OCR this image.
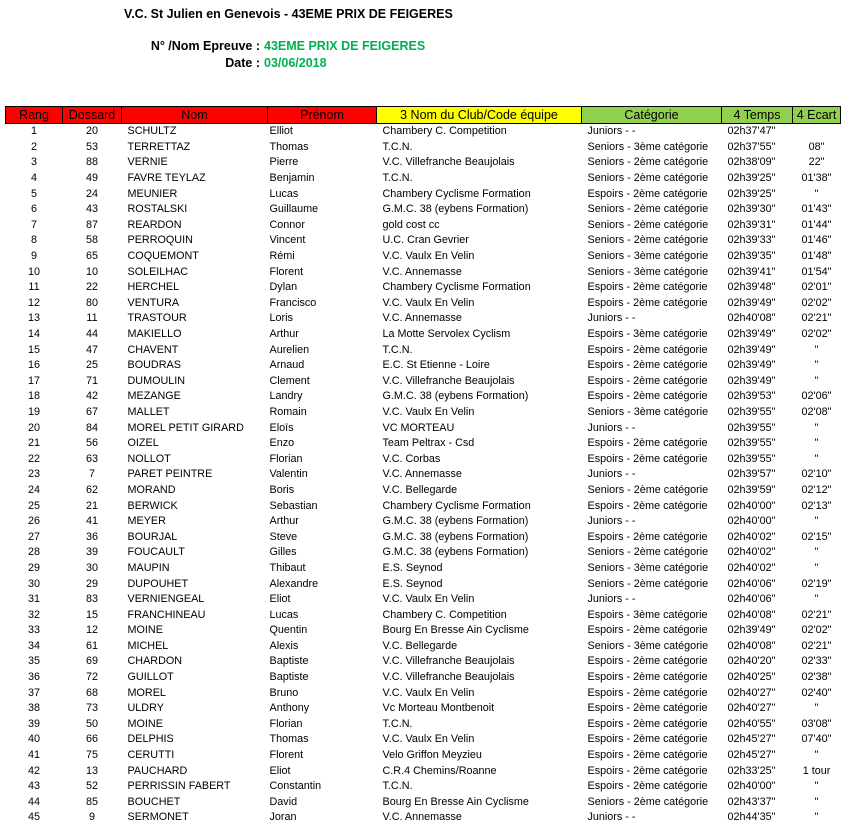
V.C. St Julien en Genevois - 43EME PRIX DE FEIGERES
N° /Nom Epreuve : 43EME PRIX DE FEIGERES
Date : 03/06/2018
Rang	Dossard	Nom	Prénom	3 Nom du Club/Code équipe	Catégorie	4 Temps	4 Ecart
1	20	SCHULTZ	Elliot	Chambery C. Competition	Juniors - -	02h37'47"	
2	53	TERRETTAZ	Thomas	T.C.N.	Seniors - 3ème catégorie	02h37'55"	08"
3	88	VERNIE	Pierre	V.C. Villefranche Beaujolais	Seniors - 2ème catégorie	02h38'09"	22"
4	49	FAVRE TEYLAZ	Benjamin	T.C.N.	Seniors - 2ème catégorie	02h39'25"	01'38"
5	24	MEUNIER	Lucas	Chambery Cyclisme Formation	Espoirs - 2ème catégorie	02h39'25"	"
6	43	ROSTALSKI	Guillaume	G.M.C. 38 (eybens Formation)	Seniors - 2ème catégorie	02h39'30"	01'43"
7	87	REARDON	Connor	gold cost cc	Seniors - 2ème catégorie	02h39'31"	01'44"
8	58	PERROQUIN	Vincent	U.C. Cran Gevrier	Seniors - 2ème catégorie	02h39'33"	01'46"
9	65	COQUEMONT	Rémi	V.C. Vaulx En Velin	Seniors - 3ème catégorie	02h39'35"	01'48"
10	10	SOLEILHAC	Florent	V.C. Annemasse	Seniors - 3ème catégorie	02h39'41"	01'54"
11	22	HERCHEL	Dylan	Chambery Cyclisme Formation	Espoirs - 2ème catégorie	02h39'48"	02'01"
12	80	VENTURA	Francisco	V.C. Vaulx En Velin	Espoirs - 2ème catégorie	02h39'49"	02'02"
13	11	TRASTOUR	Loris	V.C. Annemasse	Juniors - -	02h40'08"	02'21"
14	44	MAKIELLO	Arthur	La Motte Servolex Cyclism	Espoirs - 3ème catégorie	02h39'49"	02'02"
15	47	CHAVENT	Aurelien	T.C.N.	Espoirs - 2ème catégorie	02h39'49"	"
16	25	BOUDRAS	Arnaud	E.C. St Etienne - Loire	Espoirs - 2ème catégorie	02h39'49"	"
17	71	DUMOULIN	Clement	V.C. Villefranche Beaujolais	Espoirs - 2ème catégorie	02h39'49"	"
18	42	MEZANGE	Landry	G.M.C. 38 (eybens Formation)	Espoirs - 2ème catégorie	02h39'53"	02'06"
19	67	MALLET	Romain	V.C. Vaulx En Velin	Seniors - 3ème catégorie	02h39'55"	02'08"
20	84	MOREL PETIT GIRARD	Eloïs	VC MORTEAU	Juniors - -	02h39'55"	"
21	56	OIZEL	Enzo	Team Peltrax - Csd	Espoirs - 2ème catégorie	02h39'55"	"
22	63	NOLLOT	Florian	V.C. Corbas	Espoirs - 2ème catégorie	02h39'55"	"
23	7	PARET PEINTRE	Valentin	V.C. Annemasse	Juniors - -	02h39'57"	02'10"
24	62	MORAND	Boris	V.C. Bellegarde	Seniors - 2ème catégorie	02h39'59"	02'12"
25	21	BERWICK	Sebastian	Chambery Cyclisme Formation	Espoirs - 2ème catégorie	02h40'00"	02'13"
26	41	MEYER	Arthur	G.M.C. 38 (eybens Formation)	Juniors - -	02h40'00"	"
27	36	BOURJAL	Steve	G.M.C. 38 (eybens Formation)	Espoirs - 2ème catégorie	02h40'02"	02'15"
28	39	FOUCAULT	Gilles	G.M.C. 38 (eybens Formation)	Seniors - 2ème catégorie	02h40'02"	"
29	30	MAUPIN	Thibaut	E.S. Seynod	Seniors - 3ème catégorie	02h40'02"	"
30	29	DUPOUHET	Alexandre	E.S. Seynod	Seniors - 2ème catégorie	02h40'06"	02'19"
31	83	VERNIENGEAL	Eliot	V.C. Vaulx En Velin	Juniors - -	02h40'06"	"
32	15	FRANCHINEAU	Lucas	Chambery C. Competition	Espoirs - 3ème catégorie	02h40'08"	02'21"
33	12	MOINE	Quentin	Bourg En Bresse Ain Cyclisme	Espoirs - 2ème catégorie	02h39'49"	02'02"
34	61	MICHEL	Alexis	V.C. Bellegarde	Seniors - 3ème catégorie	02h40'08"	02'21"
35	69	CHARDON	Baptiste	V.C. Villefranche Beaujolais	Espoirs - 2ème catégorie	02h40'20"	02'33"
36	72	GUILLOT	Baptiste	V.C. Villefranche Beaujolais	Espoirs - 2ème catégorie	02h40'25"	02'38"
37	68	MOREL	Bruno	V.C. Vaulx En Velin	Espoirs - 2ème catégorie	02h40'27"	02'40"
38	73	ULDRY	Anthony	Vc Morteau Montbenoit	Espoirs - 2ème catégorie	02h40'27"	"
39	50	MOINE	Florian	T.C.N.	Espoirs - 2ème catégorie	02h40'55"	03'08"
40	66	DELPHIS	Thomas	V.C. Vaulx En Velin	Espoirs - 2ème catégorie	02h45'27"	07'40"
41	75	CERUTTI	Florent	Velo Griffon Meyzieu	Espoirs - 2ème catégorie	02h45'27"	"
42	13	PAUCHARD	Eliot	C.R.4 Chemins/Roanne	Espoirs - 2ème catégorie	02h33'25"	1 tour
43	52	PERRISSIN FABERT	Constantin	T.C.N.	Espoirs - 2ème catégorie	02h40'00"	"
44	85	BOUCHET	David	Bourg En Bresse Ain Cyclisme	Seniors - 2ème catégorie	02h43'37"	"
45	9	SERMONET	Joran	V.C. Annemasse	Juniors - -	02h44'35"	"
